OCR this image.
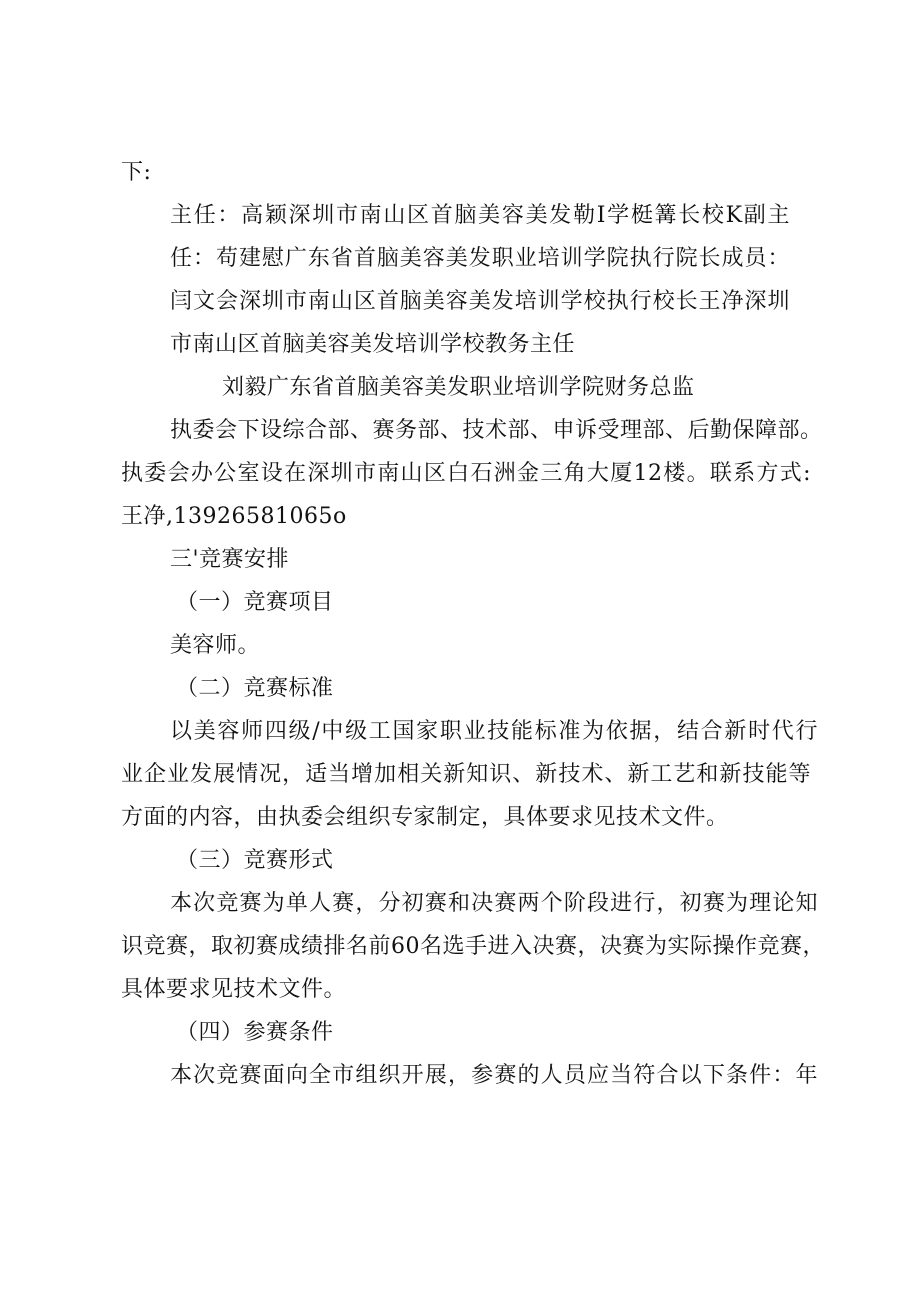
下:
主任：高颖深圳市南山区首脑美容美发勒I学梃篝长校K副主
任：苟建慰广东省首脑美容美发职业培训学院执行院长成员：
闫文会深圳市南山区首脑美容美发培训学校执行校长王净深圳
市南山区首脑美容美发培训学校教务主任
刘毅广东省首脑美容美发职业培训学院财务总监
执委会下设综合部、赛务部、技术部、申诉受理部、后勤保障部。
执委会办公室设在深圳市南山区白石洲金三角大厦12楼。联系方式:
王净,13926581065o
三'竞赛安排
（一）竞赛项目
美容师。
（二）竞赛标准
以美容师四级/中级工国家职业技能标准为依据，结合新时代行
业企业发展情况，适当增加相关新知识、新技术、新工艺和新技能等
方面的内容，由执委会组织专家制定，具体要求见技术文件。
（三）竞赛形式
本次竞赛为单人赛，分初赛和决赛两个阶段进行，初赛为理论知
识竞赛，取初赛成绩排名前60名选手进入决赛，决赛为实际操作竞赛，
具体要求见技术文件。
（四）参赛条件
本次竞赛面向全市组织开展，参赛的人员应当符合以下条件：年
